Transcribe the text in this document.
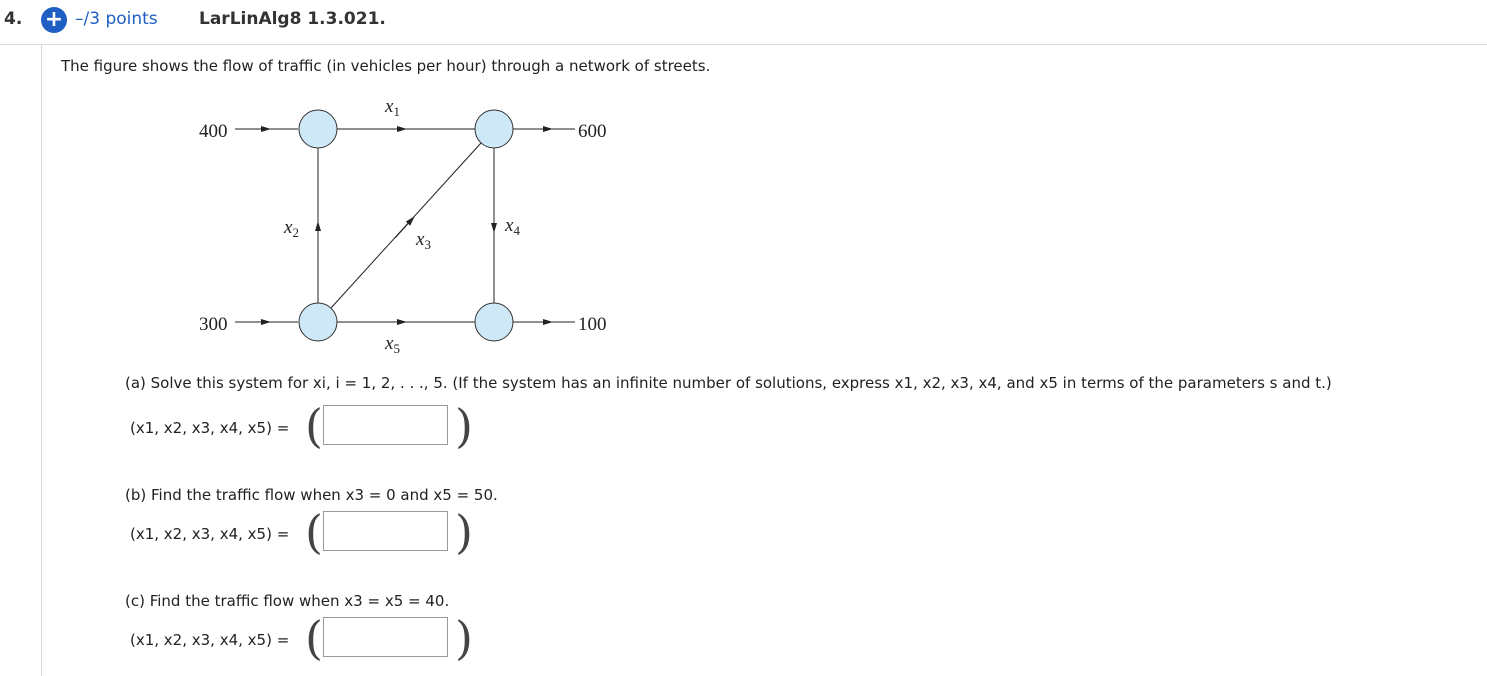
4. + –/3 points LarLinAlg8 1.3.021.
The figure shows the flow of traffic (in vehicles per hour) through a network of streets.
400
300
600
100
$x_1$
$x_2$	$x_3$
$x_4$
$x_5$
(a) Solve this system for xi, i = 1, 2, . . ., 5. (If the system has an infinite number of solutions, express x1, x2, x3, x4, and x5 in terms of the parameters s and t.)
(x1, x2, x3, x4, x5) = (	)
(b) Find the traffic flow when x3 = 0 and x5 = 50.
(x1, x2, x3, x4, x5) = (	)
(c) Find the traffic flow when x3 = x5 = 40.
(x1, x2, x3, x4, x5) = (	)
